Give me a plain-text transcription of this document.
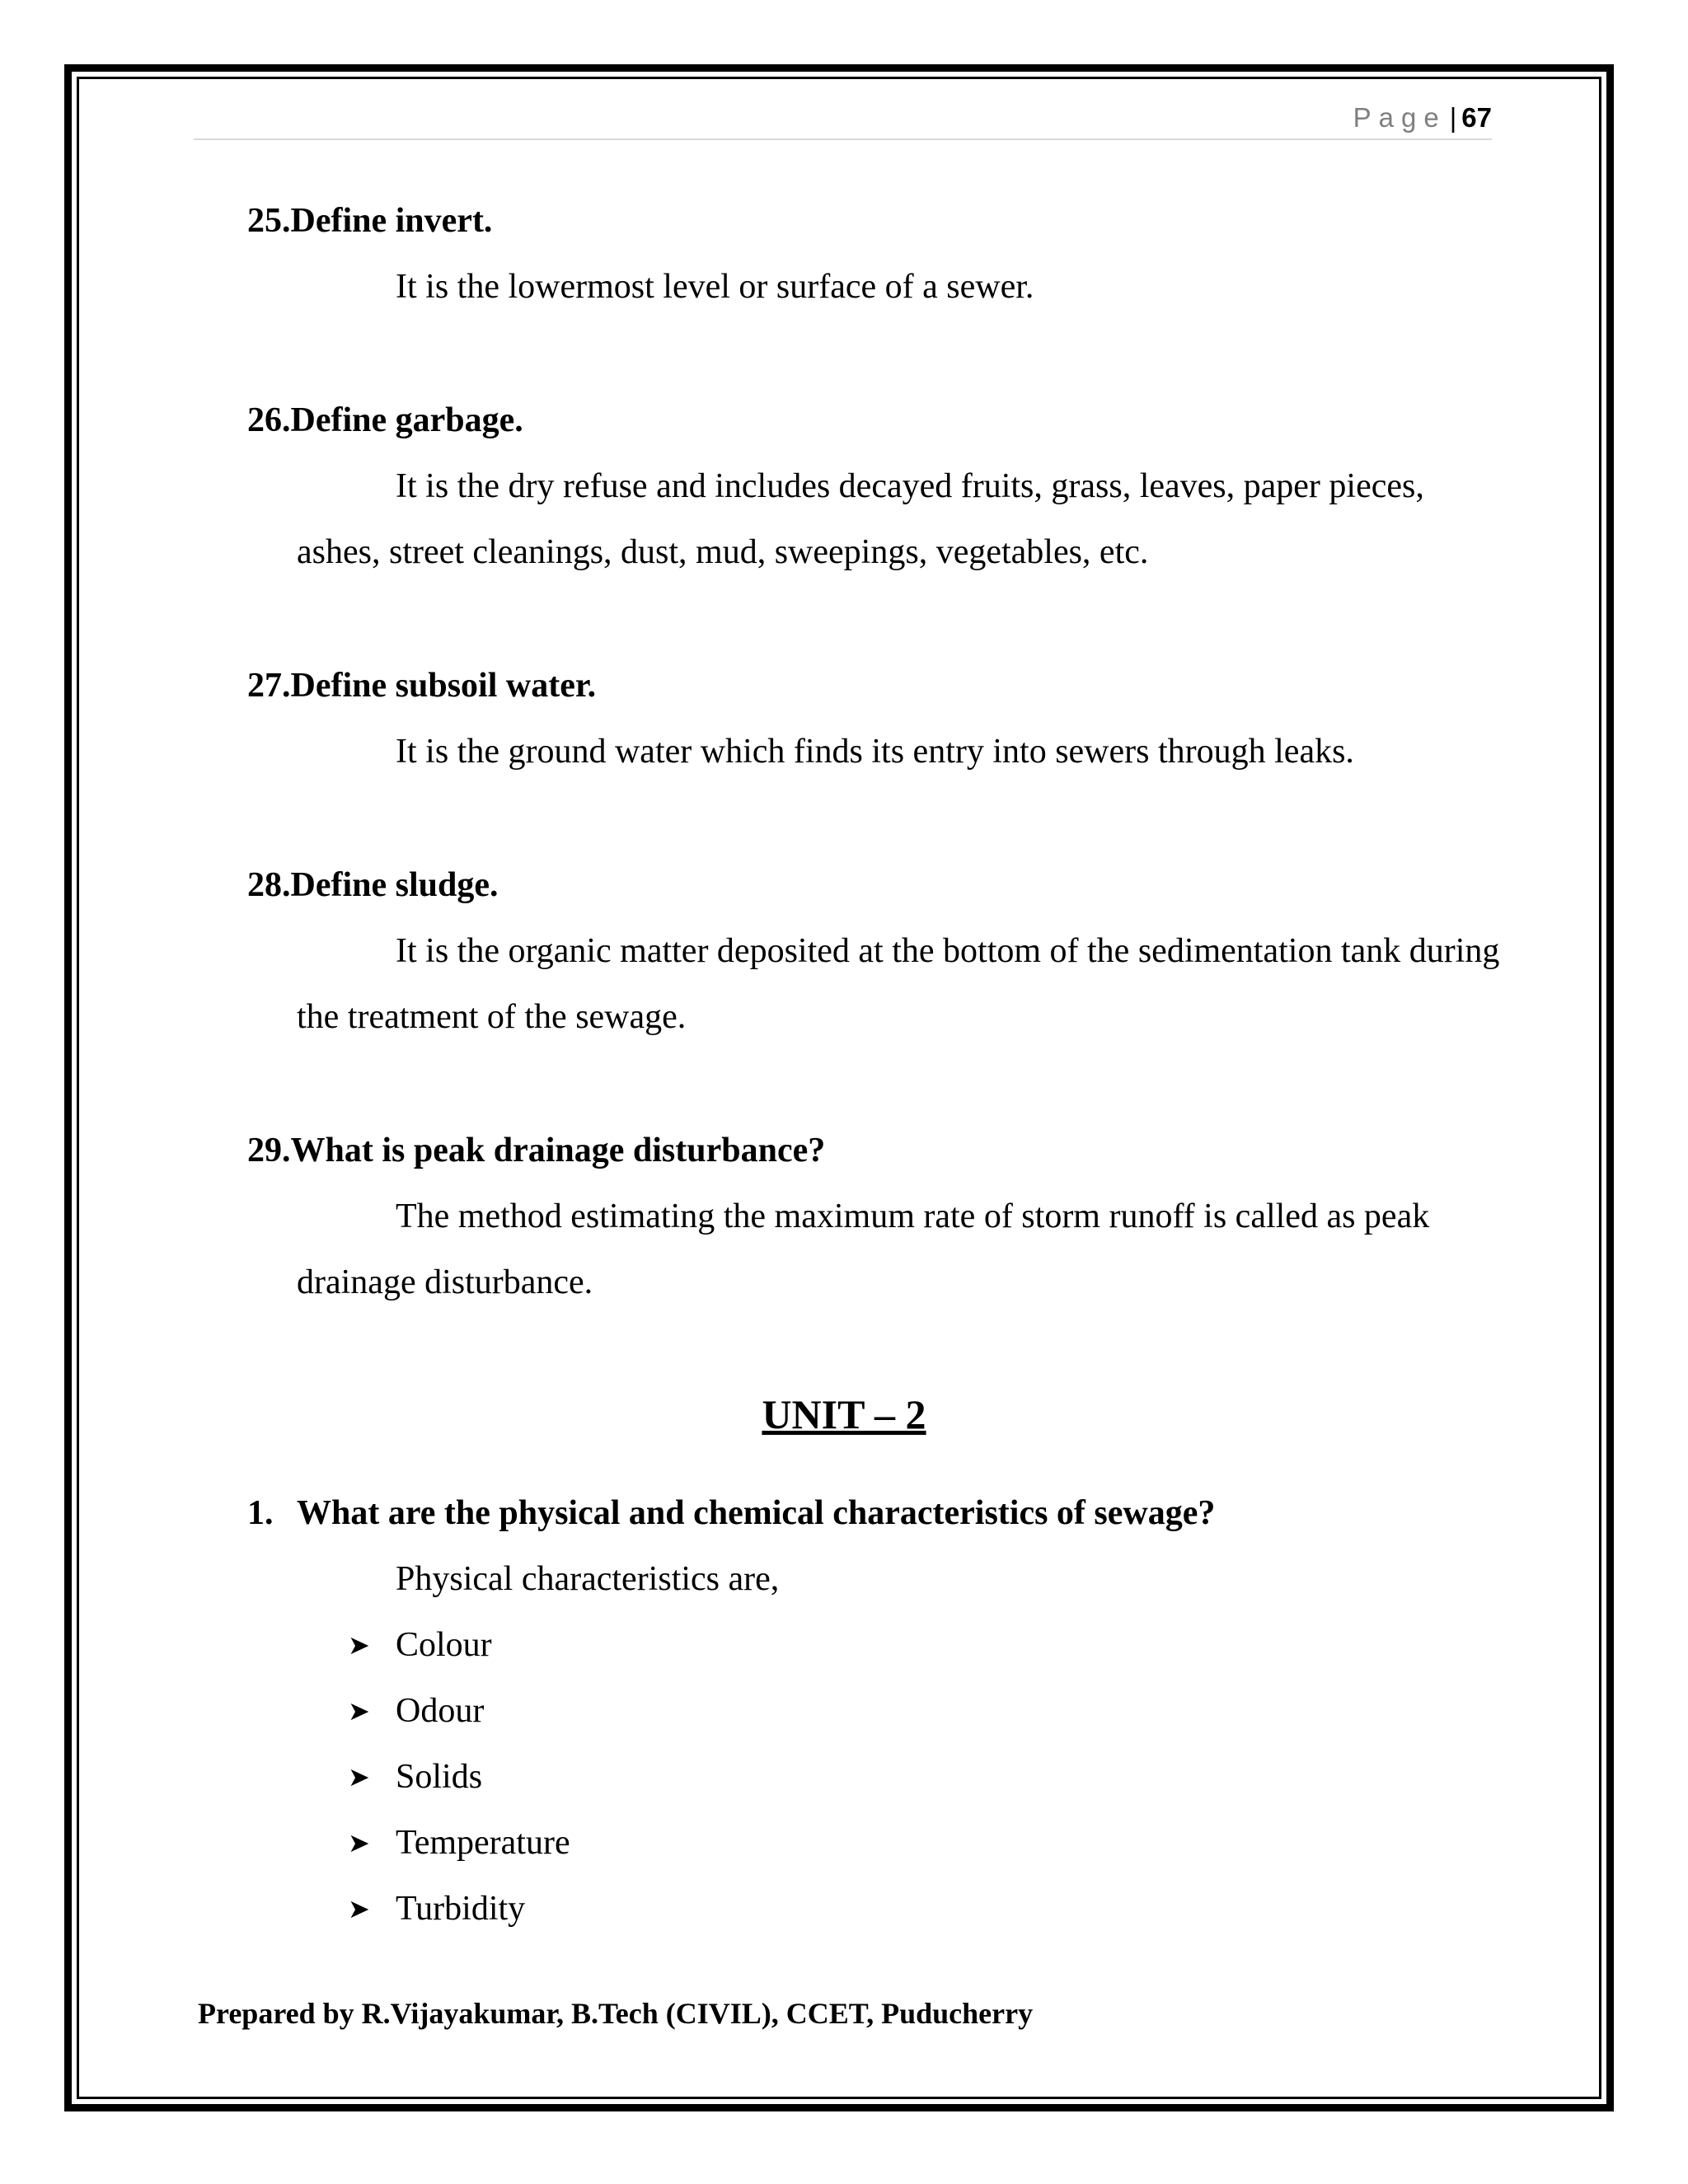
Page | 67
25.Define invert.

It is the lowermost level or surface of a sewer.

26.Define garbage.

It is the dry refuse and includes decayed fruits, grass, leaves, paper pieces, ashes, street cleanings, dust, mud, sweepings, vegetables, etc.

27.Define subsoil water.

It is the ground water which finds its entry into sewers through leaks.

28.Define sludge.

It is the organic matter deposited at the bottom of the sedimentation tank during the treatment of the sewage.

29.What is peak drainage disturbance?

The method estimating the maximum rate of storm runoff is called as peak drainage disturbance.

UNIT – 2
1. What are the physical and chemical characteristics of sewage?
Physical characteristics are,
➤ Colour
➤ Odour
➤ Solids
➤ Temperature
➤ Turbidity
Prepared by R.Vijayakumar, B.Tech (CIVIL), CCET, Puducherry
